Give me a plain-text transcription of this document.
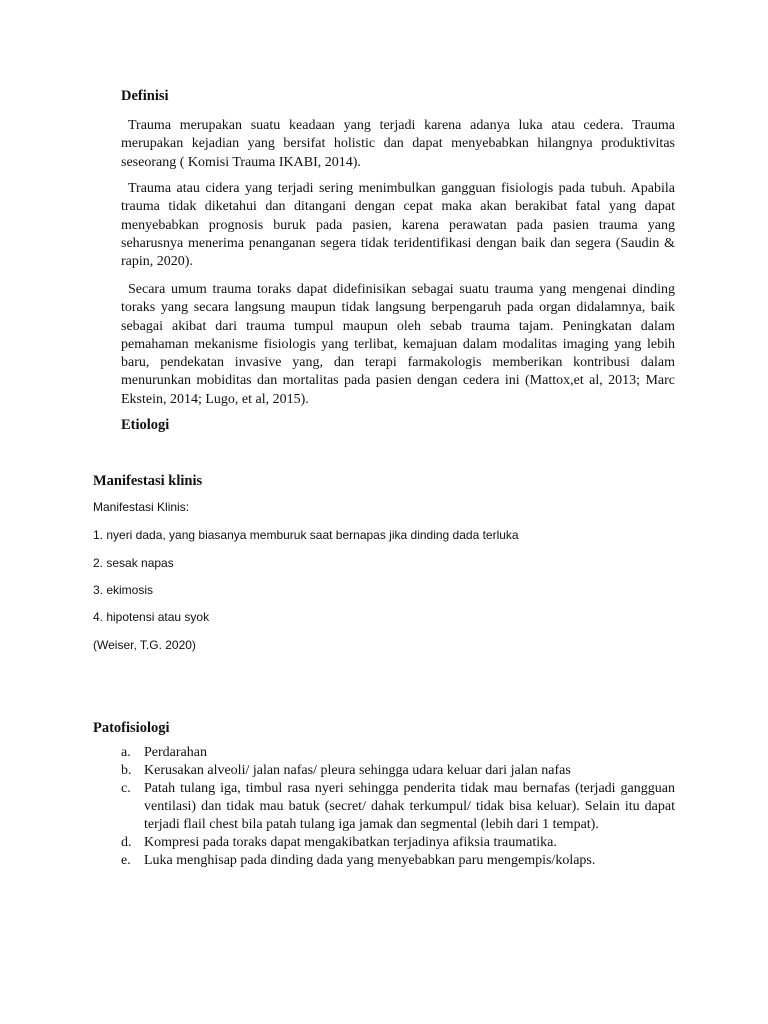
Definisi

Trauma merupakan suatu keadaan yang terjadi karena adanya luka atau cedera. Trauma merupakan kejadian yang bersifat holistic dan dapat menyebabkan hilangnya produktivitas seseorang ( Komisi Trauma IKABI, 2014).

Trauma atau cidera yang terjadi sering menimbulkan gangguan fisiologis pada tubuh. Apabila trauma tidak diketahui dan ditangani dengan cepat maka akan berakibat fatal yang dapat menyebabkan prognosis buruk pada pasien, karena perawatan pada pasien trauma yang seharusnya menerima penanganan segera tidak teridentifikasi dengan baik dan segera (Saudin & rapin, 2020).

Secara umum trauma toraks dapat didefinisikan sebagai suatu trauma yang mengenai dinding toraks yang secara langsung maupun tidak langsung berpengaruh pada organ didalamnya, baik sebagai akibat dari trauma tumpul maupun oleh sebab trauma tajam. Peningkatan dalam pemahaman mekanisme fisiologis yang terlibat, kemajuan dalam modalitas imaging yang lebih baru, pendekatan invasive yang, dan terapi farmakologis memberikan kontribusi dalam menurunkan mobiditas dan mortalitas pada pasien dengan cedera ini (Mattox,et al, 2013; Marc Ekstein, 2014; Lugo, et al, 2015).

Etiologi
Manifestasi klinis
Manifestasi Klinis:
1. nyeri dada, yang biasanya memburuk saat bernapas jika dinding dada terluka
2. sesak napas
3. ekimosis
4. hipotensi atau syok
(Weiser, T.G. 2020)
Patofisiologi
a. Perdarahan
b. Kerusakan alveoli/ jalan nafas/ pleura sehingga udara keluar dari jalan nafas
c. Patah tulang iga, timbul rasa nyeri sehingga penderita tidak mau bernafas (terjadi gangguan ventilasi) dan tidak mau batuk (secret/ dahak terkumpul/ tidak bisa keluar). Selain itu dapat terjadi flail chest bila patah tulang iga jamak dan segmental (lebih dari 1 tempat).
d. Kompresi pada toraks dapat mengakibatkan terjadinya afiksia traumatika.
e. Luka menghisap pada dinding dada yang menyebabkan paru mengempis/kolaps.
